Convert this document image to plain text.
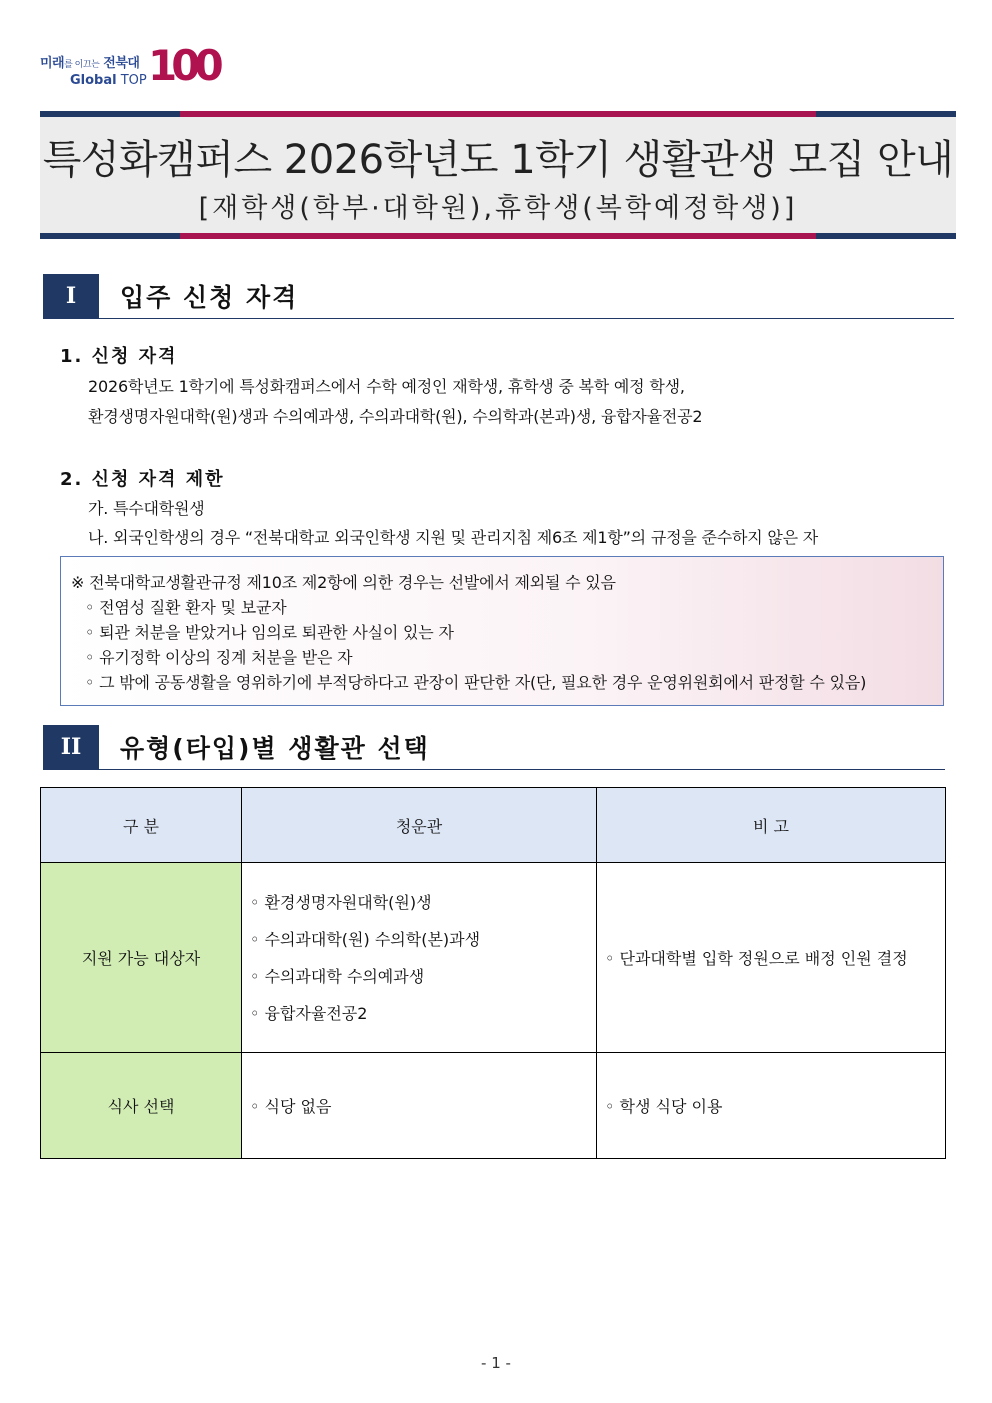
미래를 이끄는 전북대
Global TOP 100
특성화캠퍼스 2026학년도 1학기 생활관생 모집 안내
[재학생(학부·대학원),휴학생(복학예정학생)]
I	입주 신청 자격
1. 신청 자격
2026학년도 1학기에 특성화캠퍼스에서 수학 예정인 재학생, 휴학생 중 복학 예정 학생,
환경생명자원대학(원)생과 수의예과생, 수의과대학(원), 수의학과(본과)생, 융합자율전공2
2. 신청 자격 제한
가. 특수대학원생
나. 외국인학생의 경우 “전북대학교 외국인학생 지원 및 관리지침 제6조 제1항”의 규정을 준수하지 않은 자
※ 전북대학교생활관규정 제10조 제2항에 의한 경우는 선발에서 제외될 수 있음
◦ 전염성 질환 환자 및 보균자
◦ 퇴관 처분을 받았거나 임의로 퇴관한 사실이 있는 자
◦ 유기정학 이상의 징계 처분을 받은 자
◦ 그 밖에 공동생활을 영위하기에 부적당하다고 관장이 판단한 자(단, 필요한 경우 운영위원회에서 판정할 수 있음)
II	유형(타입)별 생활관 선택
구 분	청운관	비 고
지원 가능 대상자	◦ 환경생명자원대학(원)생
◦ 수의과대학(원) 수의학(본)과생
◦ 수의과대학 수의예과생
◦ 융합자율전공2	◦ 단과대학별 입학 정원으로 배정 인원 결정
식사 선택	◦ 식당 없음	◦ 학생 식당 이용
- 1 -
